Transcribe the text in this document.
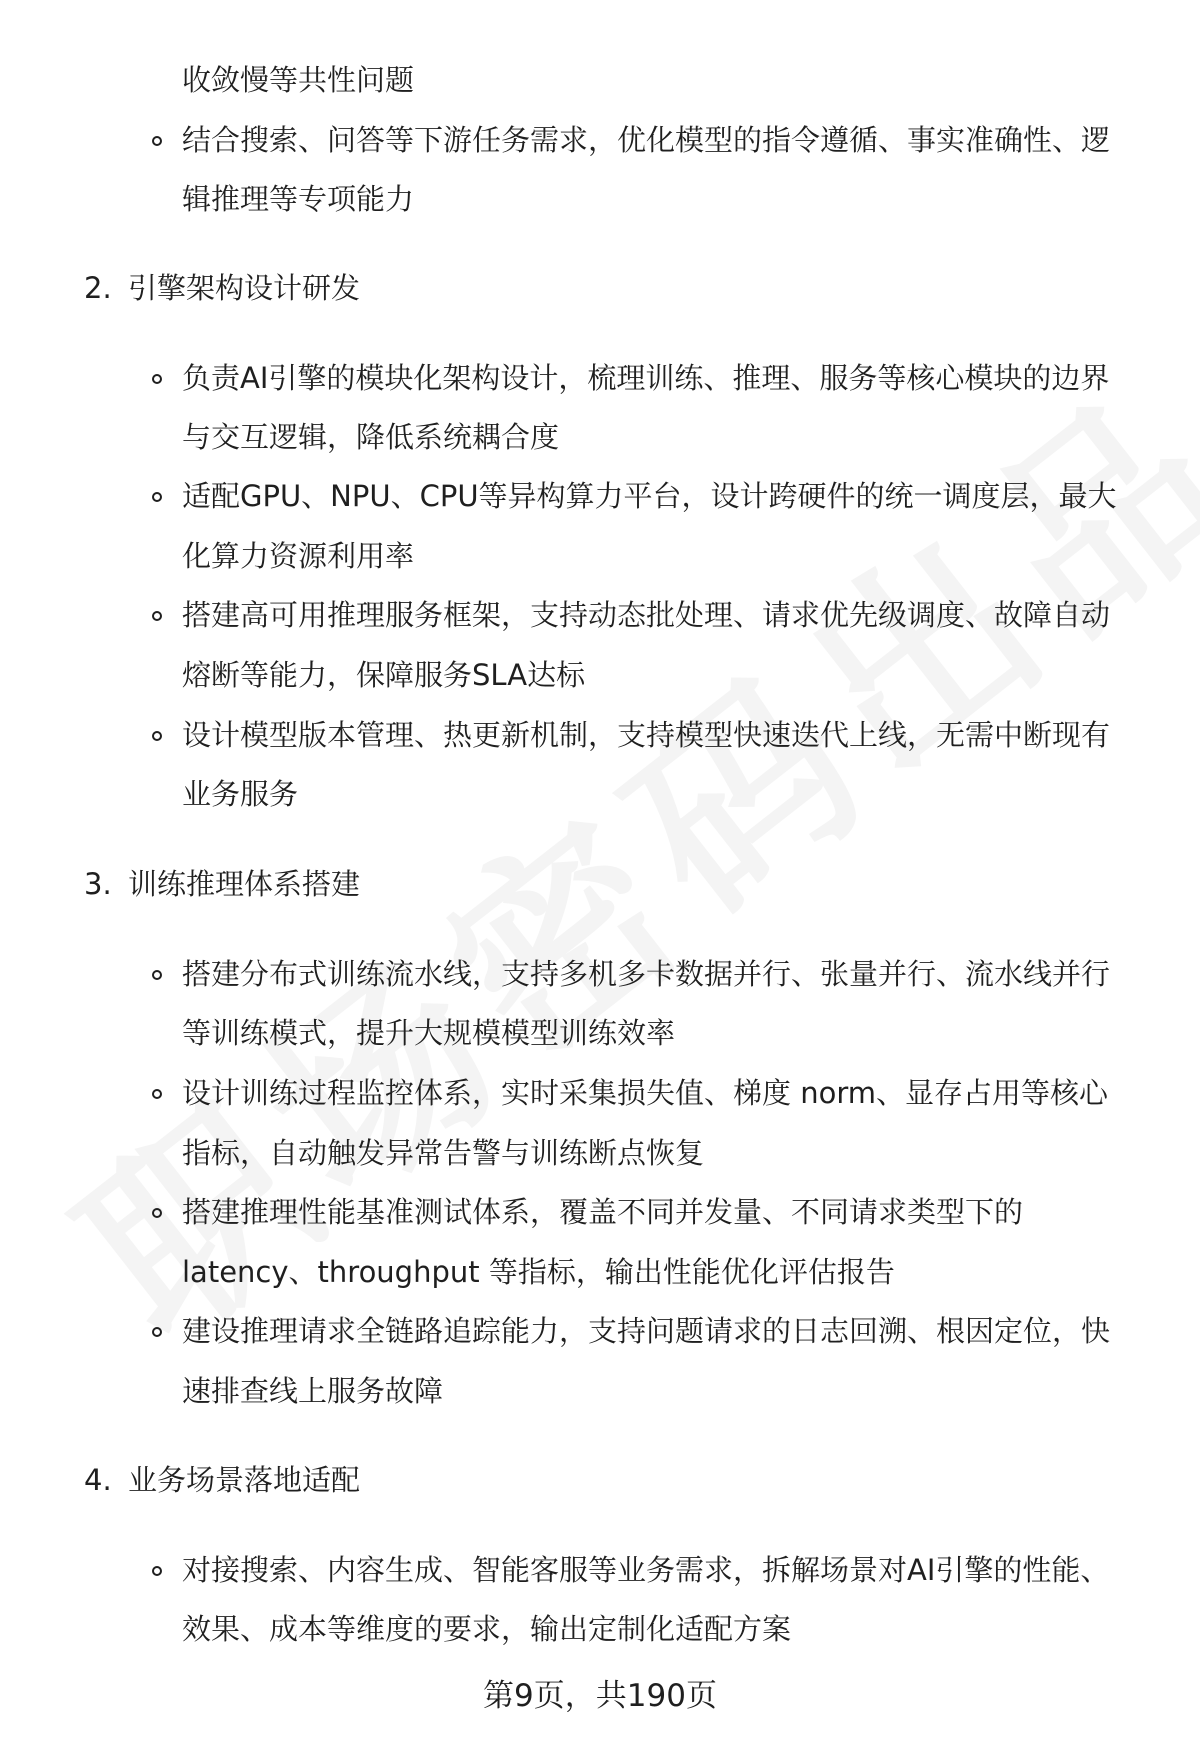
收敛慢等共性问题
结合搜索、问答等下游任务需求，优化模型的指令遵循、事实准确性、逻
辑推理等专项能力
2. 引擎架构设计研发
负责AI引擎的模块化架构设计，梳理训练、推理、服务等核心模块的边界
与交互逻辑，降低系统耦合度
适配GPU、NPU、CPU等异构算力平台，设计跨硬件的统一调度层，最大
化算力资源利用率
搭建高可用推理服务框架，支持动态批处理、请求优先级调度、故障自动
熔断等能力，保障服务SLA达标
设计模型版本管理、热更新机制，支持模型快速迭代上线，无需中断现有
业务服务
3. 训练推理体系搭建
搭建分布式训练流水线，支持多机多卡数据并行、张量并行、流水线并行
等训练模式，提升大规模模型训练效率
设计训练过程监控体系，实时采集损失值、梯度 norm、显存占用等核心
指标，自动触发异常告警与训练断点恢复
搭建推理性能基准测试体系，覆盖不同并发量、不同请求类型下的
latency、throughput 等指标，输出性能优化评估报告
建设推理请求全链路追踪能力，支持问题请求的日志回溯、根因定位，快
速排查线上服务故障
4. 业务场景落地适配
对接搜索、内容生成、智能客服等业务需求，拆解场景对AI引擎的性能、
效果、成本等维度的要求，输出定制化适配方案
第9页，共190页
